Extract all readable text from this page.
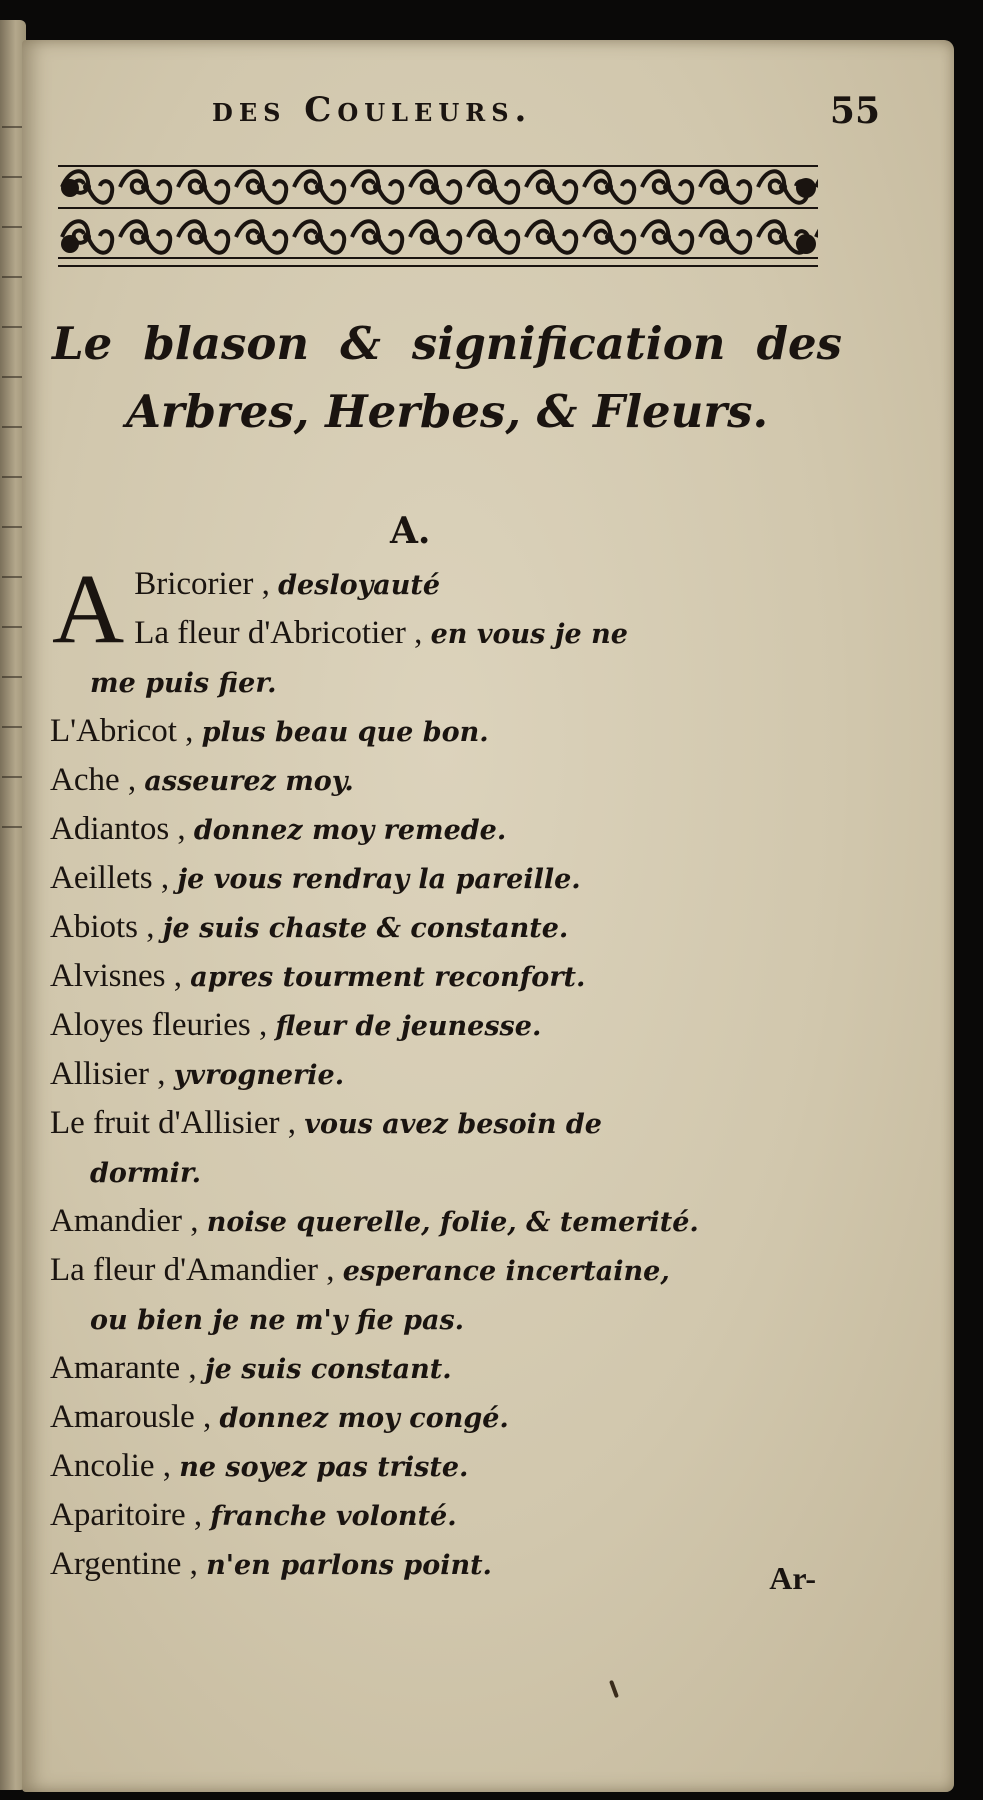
des Couleurs.	55
Le blason & signification des
Arbres, Herbes, & Fleurs.
A.
A Bricorier , desloyauté

La fleur d'Abricotier , en vous je ne

me puis fier.

L'Abricot , plus beau que bon.

Ache , asseurez moy.

Adiantos , donnez moy remede.

Aeillets , je vous rendray la pareille.

Abiots , je suis chaste & constante.

Alvisnes , apres tourment reconfort.

Aloyes fleuries , fleur de jeunesse.

Allisier , yvrognerie.

Le fruit d'Allisier , vous avez besoin de

dormir.

Amandier , noise querelle, folie, & temerité.

La fleur d'Amandier , esperance incertaine,

ou bien je ne m'y fie pas.

Amarante , je suis constant.

Amarousle , donnez moy congé.

Ancolie , ne soyez pas triste.

Aparitoire , franche volonté.

Argentine , n'en parlons point.	Ar-
